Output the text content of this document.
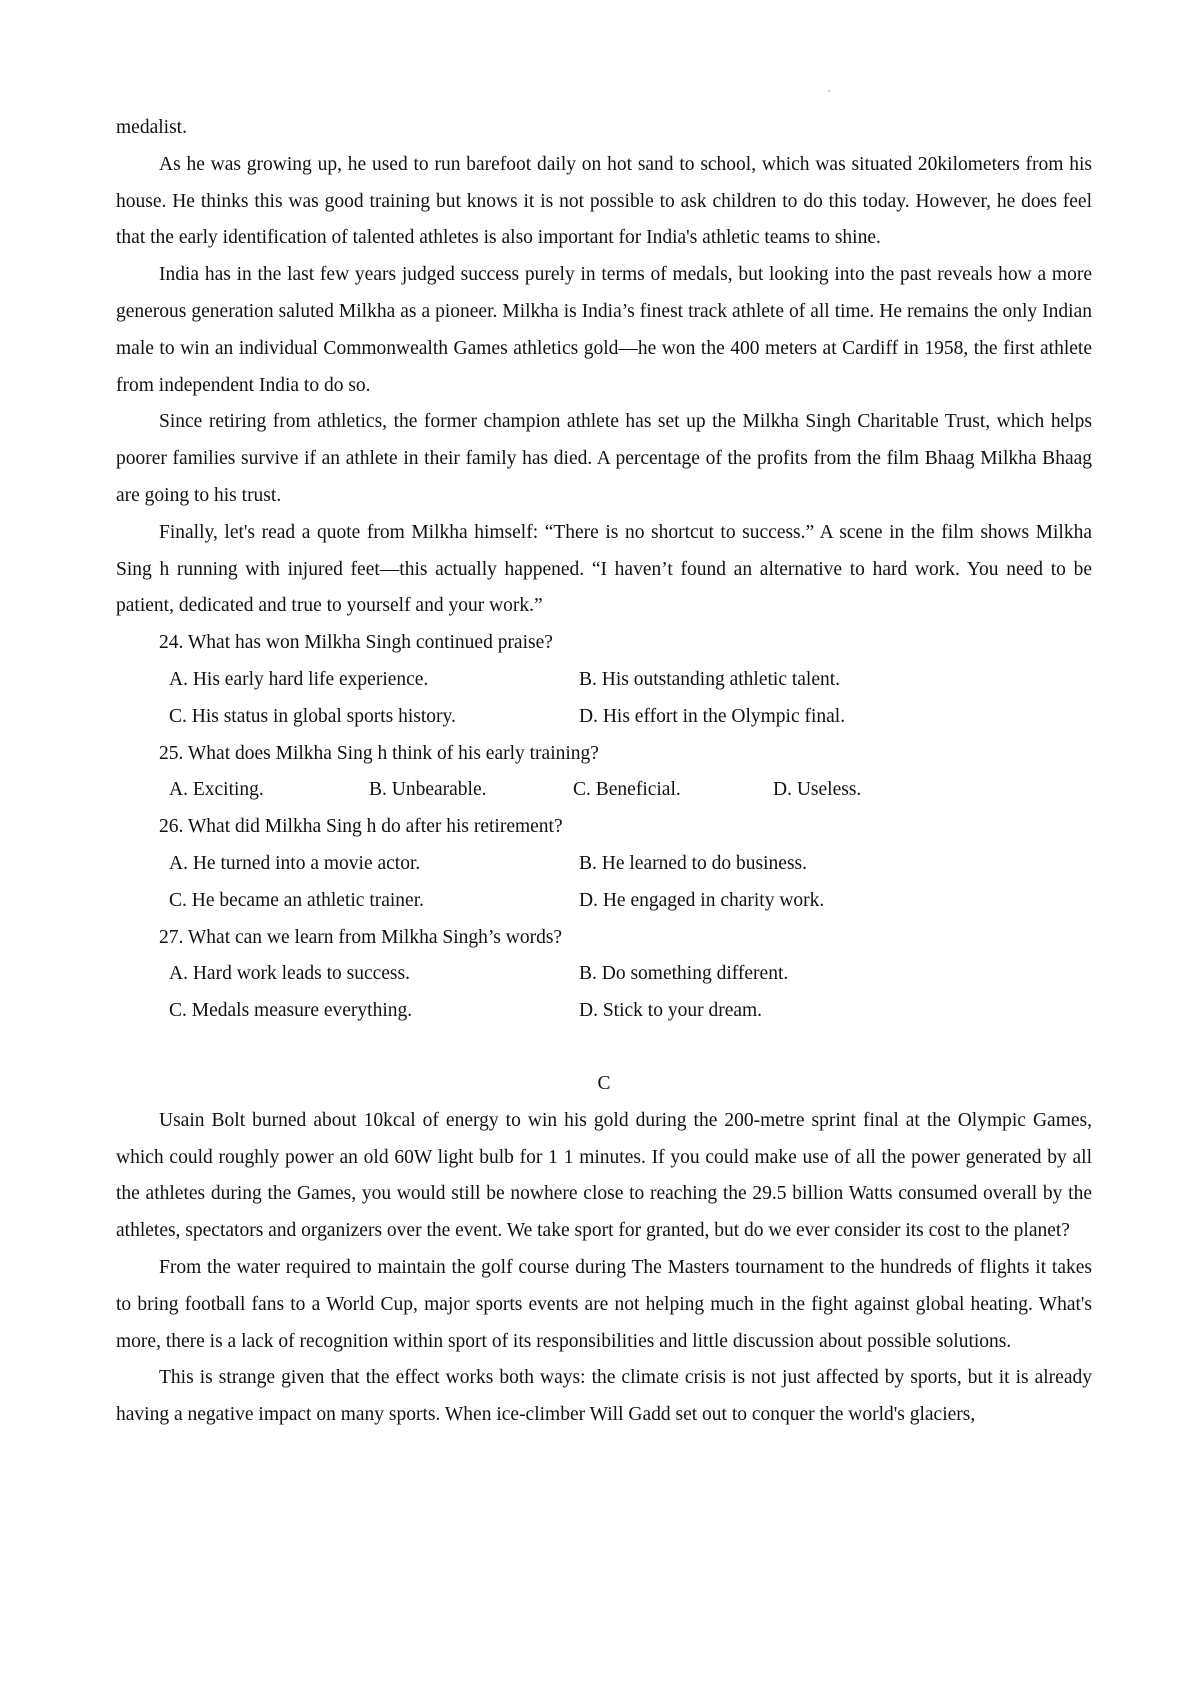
medalist.

As he was growing up, he used to run barefoot daily on hot sand to school, which was situated 20kilometers from his house. He thinks this was good training but knows it is not possible to ask children to do this today. However, he does feel that the early identification of talented athletes is also important for India's athletic teams to shine.

India has in the last few years judged success purely in terms of medals, but looking into the past reveals how a more generous generation saluted Milkha as a pioneer. Milkha is India’s finest track athlete of all time. He remains the only Indian male to win an individual Commonwealth Games athletics gold—he won the 400 meters at Cardiff in 1958, the first athlete from independent India to do so.

Since retiring from athletics, the former champion athlete has set up the Milkha Singh Charitable Trust, which helps poorer families survive if an athlete in their family has died. A percentage of the profits from the film Bhaag Milkha Bhaag are going to his trust.

Finally, let's read a quote from Milkha himself: “There is no shortcut to success.” A scene in the film shows Milkha Sing h running with injured feet—this actually happened. “I haven’t found an alternative to hard work. You need to be patient, dedicated and true to yourself and your work.”

24. What has won Milkha Singh continued praise?

A. His early hard life experience.	B. His outstanding athletic talent.
C. His status in global sports history.	D. His effort in the Olympic final.

25. What does Milkha Sing h think of his early training?

A. Exciting.	B. Unbearable.	C. Beneficial.	D. Useless.

26. What did Milkha Sing h do after his retirement?

A. He turned into a movie actor.	B. He learned to do business.
C. He became an athletic trainer.	D. He engaged in charity work.

27. What can we learn from Milkha Singh’s words?

A. Hard work leads to success.	B. Do something different.
C. Medals measure everything.	D. Stick to your dream.

C

Usain Bolt burned about 10kcal of energy to win his gold during the 200-metre sprint final at the Olympic Games, which could roughly power an old 60W light bulb for 1 1 minutes. If you could make use of all the power generated by all the athletes during the Games, you would still be nowhere close to reaching the 29.5 billion Watts consumed overall by the athletes, spectators and organizers over the event. We take sport for granted, but do we ever consider its cost to the planet?

From the water required to maintain the golf course during The Masters tournament to the hundreds of flights it takes to bring football fans to a World Cup, major sports events are not helping much in the fight against global heating. What's more, there is a lack of recognition within sport of its responsibilities and little discussion about possible solutions.

This is strange given that the effect works both ways: the climate crisis is not just affected by sports, but it is already having a negative impact on many sports. When ice-climber Will Gadd set out to conquer the world's glaciers,
